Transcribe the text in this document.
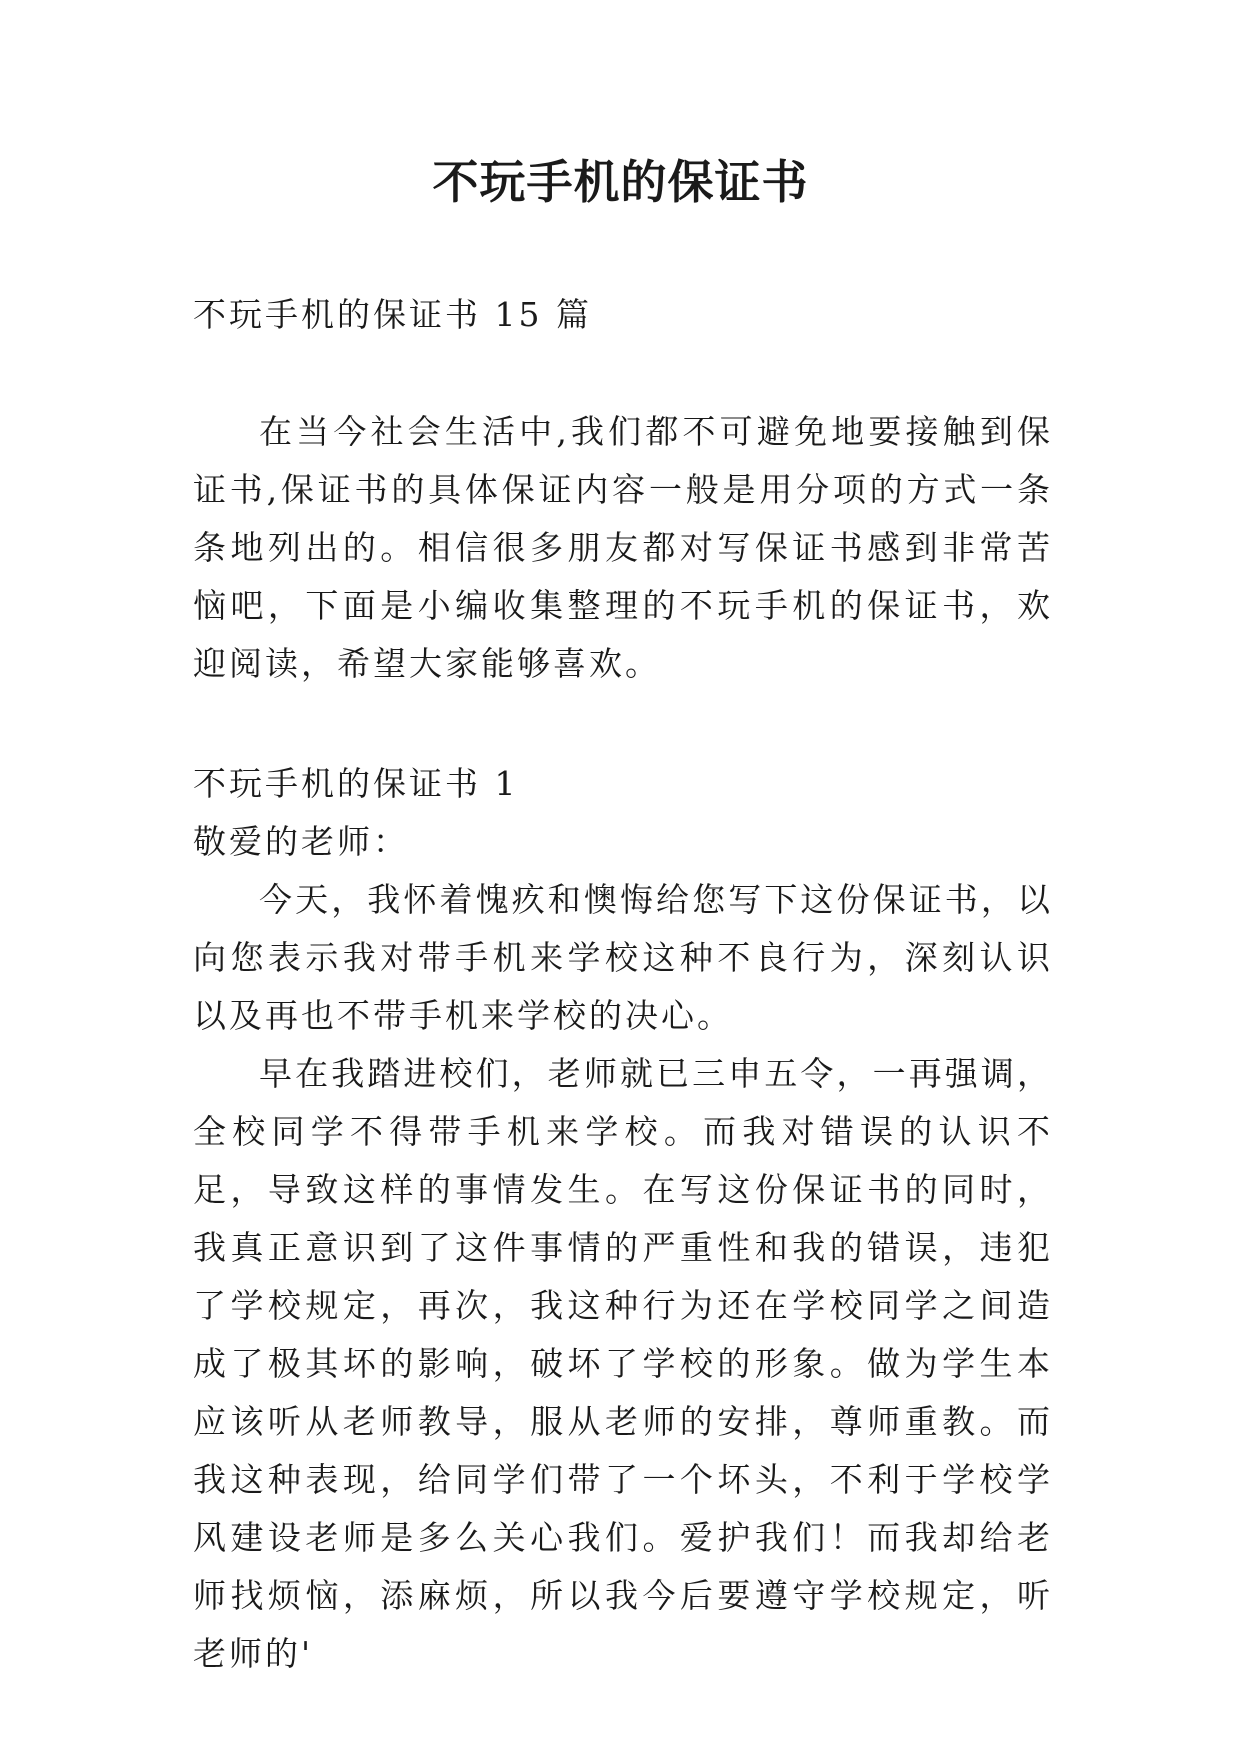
不玩手机的保证书

不玩手机的保证书 15 篇

在当今社会生活中,我们都不可避免地要接触到保证书,保证书的具体保证内容一般是用分项的方式一条条地列出的。相信很多朋友都对写保证书感到非常苦恼吧，下面是小编收集整理的不玩手机的保证书，欢迎阅读，希望大家能够喜欢。

不玩手机的保证书 1

敬爱的老师：

今天，我怀着愧疚和懊悔给您写下这份保证书，以向您表示我对带手机来学校这种不良行为，深刻认识以及再也不带手机来学校的决心。

早在我踏进校们，老师就已三申五令，一再强调，全校同学不得带手机来学校。而我对错误的认识不足，导致这样的事情发生。在写这份保证书的同时，我真正意识到了这件事情的严重性和我的错误，违犯了学校规定，再次，我这种行为还在学校同学之间造成了极其坏的影响，破坏了学校的形象。做为学生本应该听从老师教导，服从老师的安排，尊师重教。而我这种表现，给同学们带了一个坏头，不利于学校学风建设老师是多么关心我们。爱护我们！而我却给老师找烦恼，添麻烦，所以我今后要遵守学校规定，听老师的'
